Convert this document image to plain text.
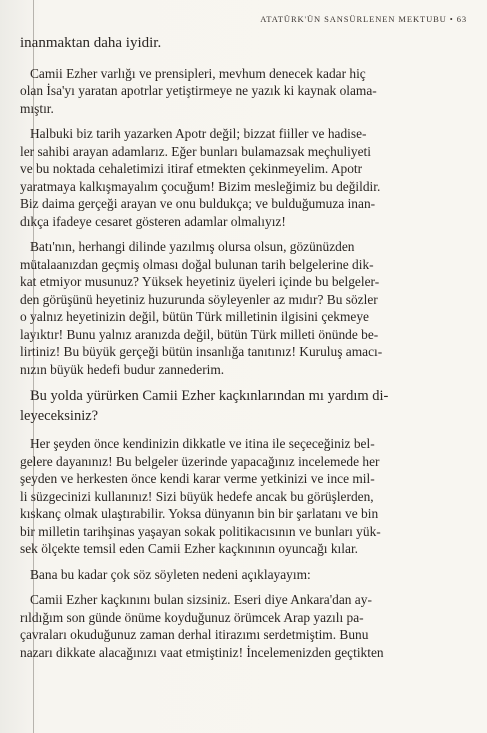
ATATÜRK'ÜN SANSÜRLENEN MEKTUBU • 63

inanmaktan daha iyidir.

Camii Ezher varlığı ve prensipleri, mevhum denecek kadar hiç
olan İsa'yı yaratan apotrlar yetiştirmeye ne yazık ki kaynak olama-
mıştır.

Halbuki biz tarih yazarken Apotr değil; bizzat fiiller ve hadise-
ler sahibi arayan adamlarız. Eğer bunları bulamazsak meçhuliyeti
ve bu noktada cehaletimizi itiraf etmekten çekinmeyelim. Apotr
yaratmaya kalkışmayalım çocuğum! Bizim mesleğimiz bu değildir.
Biz daima gerçeği arayan ve onu buldukça; ve bulduğumuza inan-
dıkça ifadeye cesaret gösteren adamlar olmalıyız!

Batı'nın, herhangi dilinde yazılmış olursa olsun, gözünüzden
mütalaanızdan geçmiş olması doğal bulunan tarih belgelerine dik-
kat etmiyor musunuz? Yüksek heyetiniz üyeleri içinde bu belgeler-
den görüşünü heyetiniz huzurunda söyleyenler az mıdır? Bu sözler
o yalnız heyetinizin değil, bütün Türk milletinin ilgisini çekmeye
layıktır! Bunu yalnız aranızda değil, bütün Türk milleti önünde be-
lirtiniz! Bu büyük gerçeği bütün insanlığa tanıtınız! Kuruluş amacı-
nızın büyük hedefi budur zannederim.

Bu yolda yürürken Camii Ezher kaçkınlarından mı yardım di-
leyeceksiniz?

Her şeyden önce kendinizin dikkatle ve itina ile seçeceğiniz bel-
gelere dayanınız! Bu belgeler üzerinde yapacağınız incelemede her
şeyden ve herkesten önce kendi karar verme yetkinizi ve ince mil-
li süzgecinizi kullanınız! Sizi büyük hedefe ancak bu görüşlerden,
kıskanç olmak ulaştırabilir. Yoksa dünyanın bin bir şarlatanı ve bin
bir milletin tarihşinas yaşayan sokak politikacısının ve bunları yük-
sek ölçekte temsil eden Camii Ezher kaçkınının oyuncağı kılar.

Bana bu kadar çok söz söyleten nedeni açıklayayım:

Camii Ezher kaçkınını bulan sizsiniz. Eseri diye Ankara'dan ay-
rıldığım son günde önüme koyduğunuz örümcek Arap yazılı pa-
çavraları okuduğunuz zaman derhal itirazımı serdetmiştim. Bunu
nazarı dikkate alacağınızı vaat etmiştiniz! İncelemenizden geçtikten
